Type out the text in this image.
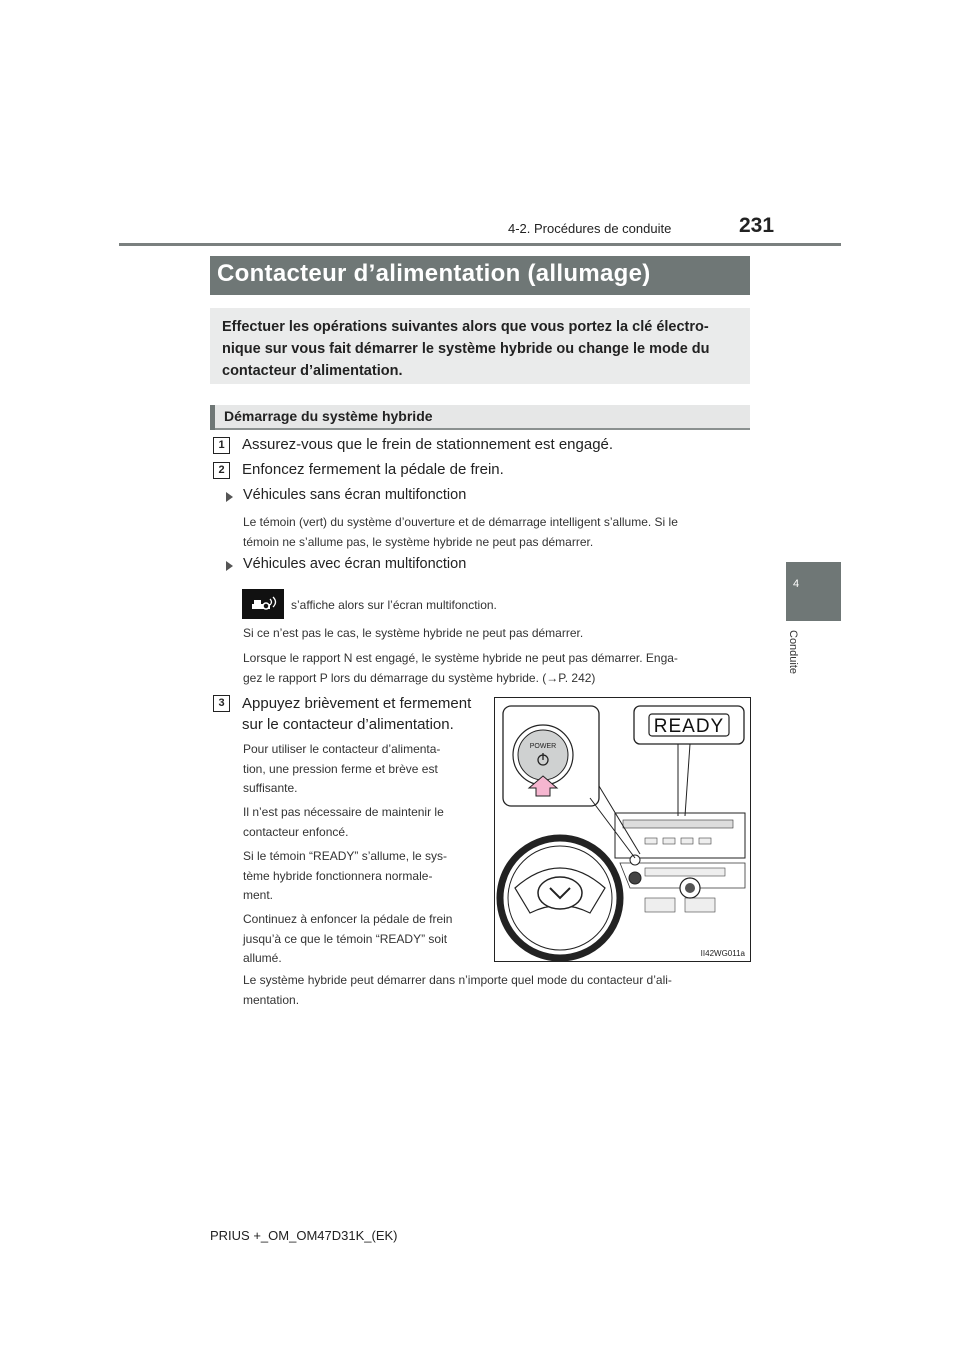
4-2. Procédures de conduite	231
4
Conduite
Contacteur d’alimentation (allumage)
Effectuer les opérations suivantes alors que vous portez la clé électro-
nique sur vous fait démarrer le système hybride ou change le mode du
contacteur d’alimentation.
Démarrage du système hybride
1	Assurez-vous que le frein de stationnement est engagé.
2	Enfoncez fermement la pédale de frein.
Véhicules sans écran multifonction
Le témoin (vert) du système d’ouverture et de démarrage intelligent s’allume. Si le
témoin ne s’allume pas, le système hybride ne peut pas démarrer.
Véhicules avec écran multifonction
s’affiche alors sur l’écran multifonction.
Si ce n’est pas le cas, le système hybride ne peut pas démarrer.
Lorsque le rapport N est engagé, le système hybride ne peut pas démarrer. Enga-
gez le rapport P lors du démarrage du système hybride. (→P. 242)
3	Appuyez brièvement et fermement
sur le contacteur d’alimentation.
Pour utiliser le contacteur d’alimenta-
tion, une pression ferme et brève est
suffisante.
Il n’est pas nécessaire de maintenir le
contacteur enfoncé.
Si le témoin “READY” s’allume, le sys-
tème hybride fonctionnera normale-
ment.
Continuez à enfoncer la pédale de frein
jusqu’à ce que le témoin “READY” soit
allumé.
POWER
READY
II42WG011a
Le système hybride peut démarrer dans n’importe quel mode du contacteur d’ali-
mentation.
PRIUS +_OM_OM47D31K_(EK)
